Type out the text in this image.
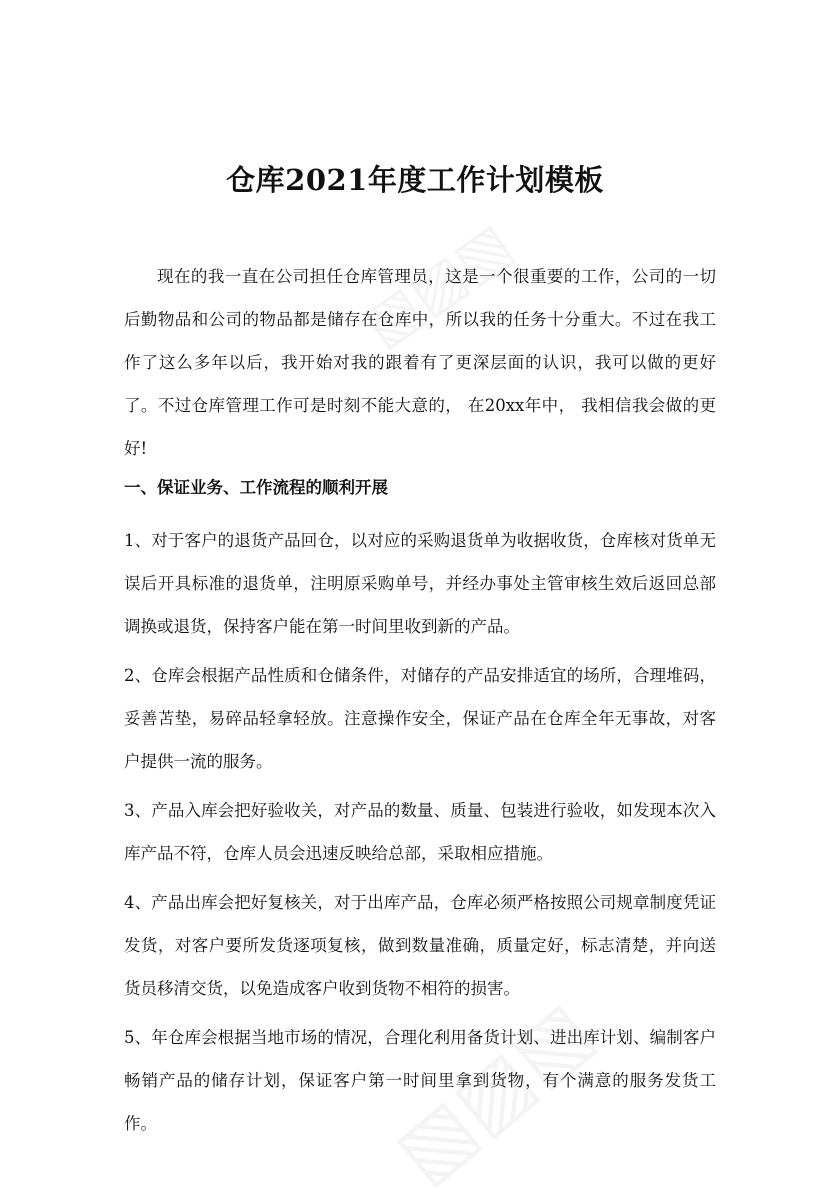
仓库2021年度工作计划模板

现在的我一直在公司担任仓库管理员，这是一个很重要的工作，公司的一切后勤物品和公司的物品都是储存在仓库中，所以我的任务十分重大。不过在我工作了这么多年以后，我开始对我的跟着有了更深层面的认识，我可以做的更好了。不过仓库管理工作可是时刻不能大意的， 在20xx年中， 我相信我会做的更好!

一、保证业务、工作流程的顺利开展

1、对于客户的退货产品回仓，以对应的采购退货单为收据收货，仓库核对货单无误后开具标准的退货单，注明原采购单号，并经办事处主管审核生效后返回总部调换或退货，保持客户能在第一时间里收到新的产品。

2、仓库会根据产品性质和仓储条件，对储存的产品安排适宜的场所，合理堆码，妥善苫垫，易碎品轻拿轻放。注意操作安全，保证产品在仓库全年无事故，对客户提供一流的服务。

3、产品入库会把好验收关，对产品的数量、质量、包装进行验收，如发现本次入库产品不符，仓库人员会迅速反映给总部，采取相应措施。

4、产品出库会把好复核关，对于出库产品，仓库必须严格按照公司规章制度凭证发货，对客户要所发货逐项复核，做到数量准确，质量定好，标志清楚，并向送货员移清交货，以免造成客户收到货物不相符的损害。

5、年仓库会根据当地市场的情况，合理化利用备货计划、进出库计划、编制客户畅销产品的储存计划，保证客户第一时间里拿到货物，有个满意的服务发货工作。
